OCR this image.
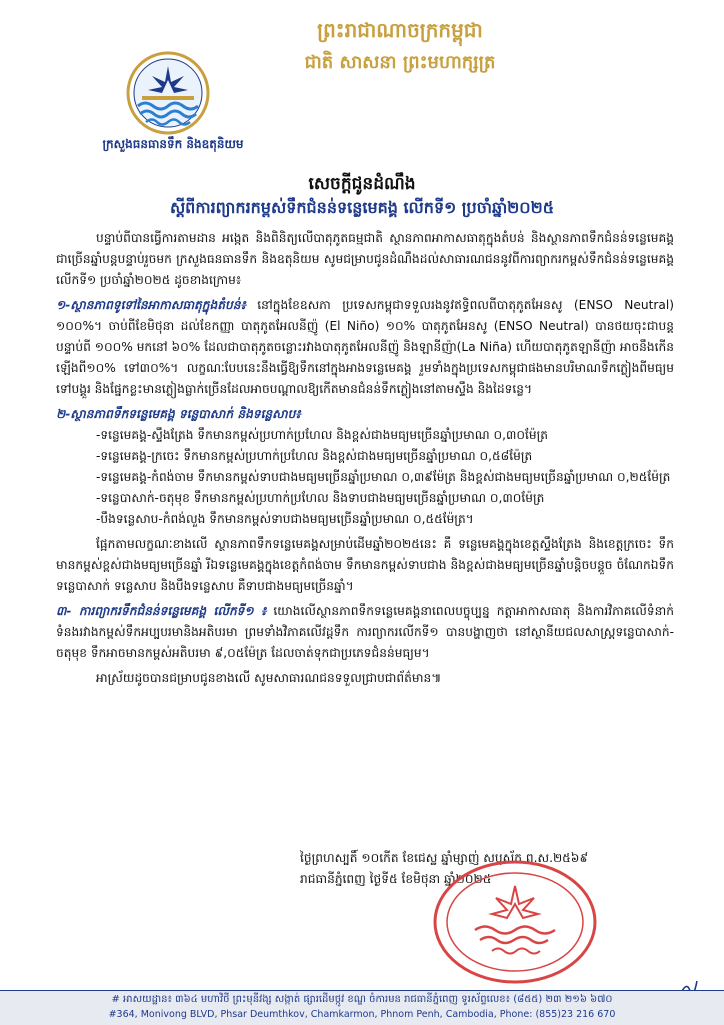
ព្រះរាជាណាចក្រកម្ពុជា
ជាតិ សាសនា ព្រះមហាក្សត្រ
ក្រសួងធនធានទឹក និងឧតុនិយម
សេចក្តីជូនដំណឹង
ស្តីពីការព្យាករកម្ពស់ទឹកជំនន់ទន្លេមេគង្គ លើកទី១ ប្រចាំឆ្នាំ២០២៥

បន្ទាប់ពីបានធ្វើការតាមដាន អង្កេត និងពិនិត្យលើបាតុភូតធម្មជាតិ ស្ថានភាពអាកាសធាតុក្នុងតំបន់ និងស្ថានភាពទឹកជំនន់ទន្លេមេគង្គជាច្រើនឆ្នាំបន្តបន្ទាប់រួចមក ក្រសួងធនធានទឹក និងឧតុនិយម សូមជម្រាបជូនដំណឹងដល់សាធារណជននូវពីការព្យាករកម្ពស់ទឹកជំនន់ទន្លេមេគង្គ លើកទី១ ប្រចាំឆ្នាំ២០២៥ ដូចខាងក្រោម៖

១-ស្ថានភាពទូទៅនៃអាកាសធាតុក្នុងតំបន់៖ នៅក្នុងខែឧសភា ប្រទេសកម្ពុជាទទួលរងនូវឥទ្ធិពលពីបាតុភូតអែនសូ (ENSO Neutral) ១០០%។ ចាប់ពីខែមិថុនា ដល់ខែកញ្ញា បាតុភូតអែលនីញ៉ូ (El Niño) ១០% បាតុភូតអែនសូ (ENSO Neutral) បានថយចុះជាបន្តបន្ទាប់ពី ១០០% មកនៅ ៦០% ដែលជាបាតុភូតចន្លោះរវាងបាតុភូតអែលនីញ៉ូ និងឡានីញ៉ា(La Niña) ហើយបាតុភូតឡានីញ៉ា អាចនឹងកើនឡើងពី១០% ទៅ៣០%។ លក្ខណៈបែបនេះនឹងធ្វើឱ្យទឹកនៅក្នុងអាងទន្លេមេគង្គ រួមទាំងក្នុងប្រទេសកម្ពុជាផងមានបរិមាណទឹកភ្លៀងពីមធ្យមទៅបង្គួរ និងផ្នែកខ្លះមានភ្លៀងធ្លាក់ច្រើនដែលអាចបណ្តាលឱ្យកើតមានជំនន់ទឹកភ្លៀងនៅតាមស្ទឹង និងដៃទន្លេ។

២-ស្ថានភាពទឹកទន្លេមេគង្គ ទន្លេបាសាក់ និងទន្លេសាប៖

-ទន្លេមេគង្គ-ស្ទឹងត្រែង ទឹកមានកម្ពស់ប្រហាក់ប្រហែល និងខ្ពស់ជាងមធ្យមច្រើនឆ្នាំប្រមាណ ០,៣០ម៉ែត្រ

-ទន្លេមេគង្គ-ក្រចេះ ទឹកមានកម្ពស់ប្រហាក់ប្រហែល និងខ្ពស់ជាងមធ្យមច្រើនឆ្នាំប្រមាណ ០,៥៨ម៉ែត្រ

-ទន្លេមេគង្គ-កំពង់ចាម ទឹកមានកម្ពស់ទាបជាងមធ្យមច្រើនឆ្នាំប្រមាណ ០,៣៩ម៉ែត្រ និងខ្ពស់ជាងមធ្យមច្រើនឆ្នាំប្រមាណ ០,២៥ម៉ែត្រ

-ទន្លេបាសាក់-ចតុមុខ ទឹកមានកម្ពស់ប្រហាក់ប្រហែល និងទាបជាងមធ្យមច្រើនឆ្នាំប្រមាណ ០,៣០ម៉ែត្រ

-បឹងទន្លេសាប-កំពង់លួង ទឹកមានកម្ពស់ទាបជាងមធ្យមច្រើនឆ្នាំប្រមាណ ០,៥៥ម៉ែត្រ។

ផ្អែកតាមលក្ខណៈខាងលើ ស្ថានភាពទឹកទន្លេមេគង្គសម្រាប់ដើមឆ្នាំ២០២៥នេះ គឺ ទន្លេមេគង្គក្នុងខេត្តស្ទឹងត្រែង និងខេត្តក្រចេះ ទឹកមានកម្ពស់ខ្ពស់ជាងមធ្យមច្រើនឆ្នាំ រីឯទន្លេមេគង្គក្នុងខេត្តកំពង់ចាម ទឹកមានកម្ពស់ទាបជាង និងខ្ពស់ជាងមធ្យមច្រើនឆ្នាំបន្តិចបន្តួច ចំណែកឯទឹកទន្លេបាសាក់ ទន្លេសាប និងបឹងទន្លេសាប គឺទាបជាងមធ្យមច្រើនឆ្នាំ។

៣- ការព្យាករទឹកជំនន់ទន្លេមេគង្គ លើកទី១ ៖ យោងលើស្ថានភាពទឹកទន្លេមេគង្គនាពេលបច្ចុប្បន្ន កត្តាអាកាសធាតុ និងការវិភាគលើទំនាក់ទំនងរវាងកម្ពស់ទឹកអប្បបរមានិងអតិបរមា ព្រមទាំងវិភាគលើវដ្តទឹក ការព្យាករលើកទី១ បានបង្ហាញថា នៅស្ថានីយជលសាស្ត្រទន្លេបាសាក់-ចតុមុខ ទឹកអាចមានកម្ពស់អតិបរមា ៩,០៥ម៉ែត្រ ដែលចាត់ទុកជាប្រភេទជំនន់មធ្យម។

អាស្រ័យដូចបានជម្រាបជូនខាងលើ សូមសាធារណជនទទួលជ្រាបជាព័ត៌មាន៕

ថ្ងៃព្រហស្បតិ៍ ១០កើត ខែជេស្ឋ ឆ្នាំម្សាញ់ សប្តស័ក ព.ស.២៥៦៩
រាជធានីភ្នំពេញ ថ្ងៃទី៥ ខែមិថុនា ឆ្នាំ២០២៥
# អាសយដ្ឋាន៖ ៣៦៤ មហាវិថី ព្រះមុនីវង្ស សង្កាត់ ផ្សារដើមថ្កូវ ខណ្ឌ ចំការមន រាជធានីភ្នំពេញ ទូរស័ព្ទលេខ៖ (៨៥៥) ២៣ ២១៦ ៦៧០
#364, Monivong BLVD, Phsar Deumthkov, Chamkarmon, Phnom Penh, Cambodia, Phone: (855)23 216 670
